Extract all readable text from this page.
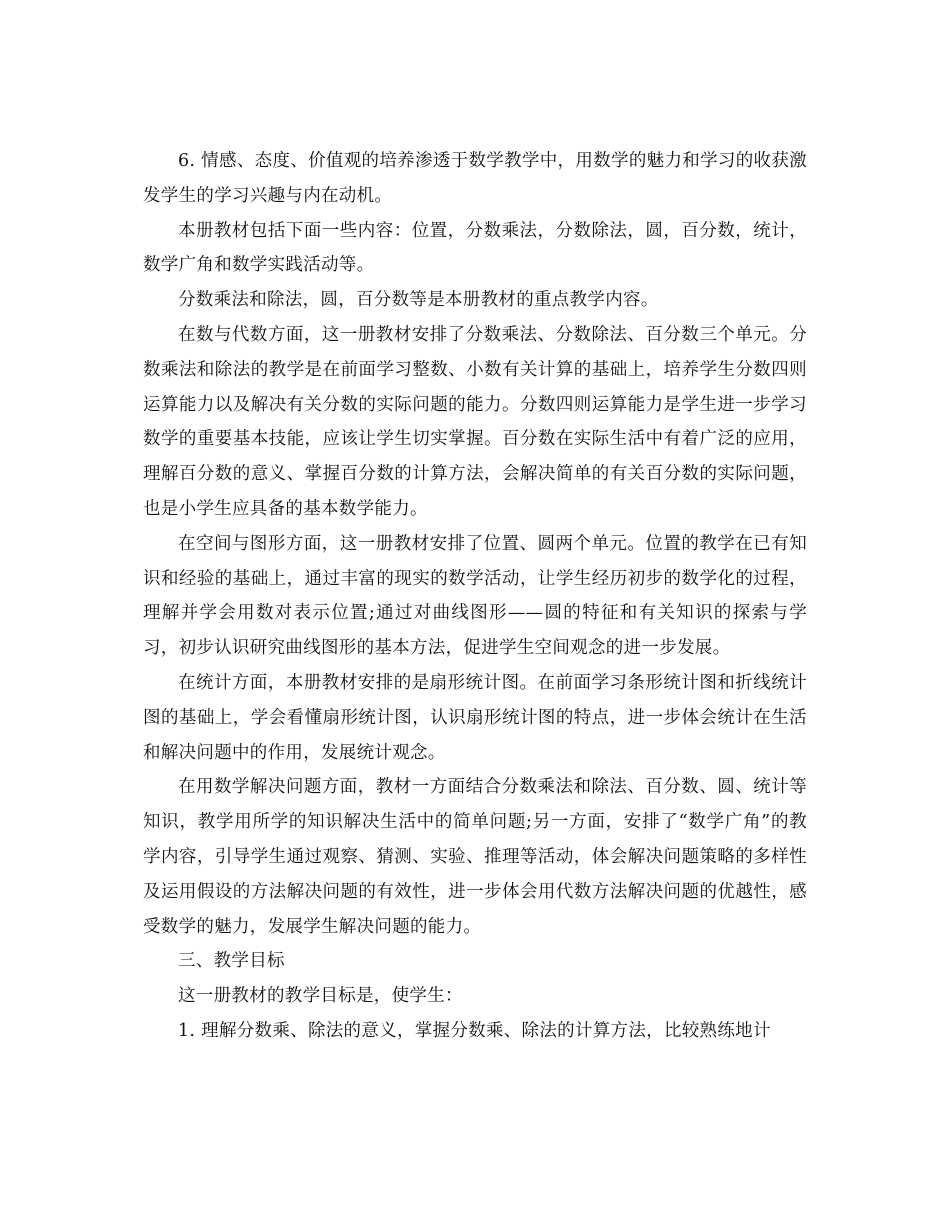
6. 情感、态度、价值观的培养渗透于数学教学中，用数学的魅力和学习的收获激发学生的学习兴趣与内在动机。

本册教材包括下面一些内容：位置，分数乘法，分数除法，圆，百分数，统计，数学广角和数学实践活动等。

分数乘法和除法，圆，百分数等是本册教材的重点教学内容。

在数与代数方面，这一册教材安排了分数乘法、分数除法、百分数三个单元。分数乘法和除法的教学是在前面学习整数、小数有关计算的基础上，培养学生分数四则运算能力以及解决有关分数的实际问题的能力。分数四则运算能力是学生进一步学习数学的重要基本技能，应该让学生切实掌握。百分数在实际生活中有着广泛的应用，理解百分数的意义、掌握百分数的计算方法，会解决简单的有关百分数的实际问题，也是小学生应具备的基本数学能力。

在空间与图形方面，这一册教材安排了位置、圆两个单元。位置的教学在已有知识和经验的基础上，通过丰富的现实的数学活动，让学生经历初步的数学化的过程，理解并学会用数对表示位置;通过对曲线图形——圆的特征和有关知识的探索与学习，初步认识研究曲线图形的基本方法，促进学生空间观念的进一步发展。

在统计方面，本册教材安排的是扇形统计图。在前面学习条形统计图和折线统计图的基础上，学会看懂扇形统计图，认识扇形统计图的特点，进一步体会统计在生活和解决问题中的作用，发展统计观念。

在用数学解决问题方面，教材一方面结合分数乘法和除法、百分数、圆、统计等知识，教学用所学的知识解决生活中的简单问题;另一方面，安排了“数学广角”的教学内容，引导学生通过观察、猜测、实验、推理等活动，体会解决问题策略的多样性及运用假设的方法解决问题的有效性，进一步体会用代数方法解决问题的优越性，感受数学的魅力，发展学生解决问题的能力。

三、教学目标

这一册教材的教学目标是，使学生：

1. 理解分数乘、除法的意义，掌握分数乘、除法的计算方法，比较熟练地计
